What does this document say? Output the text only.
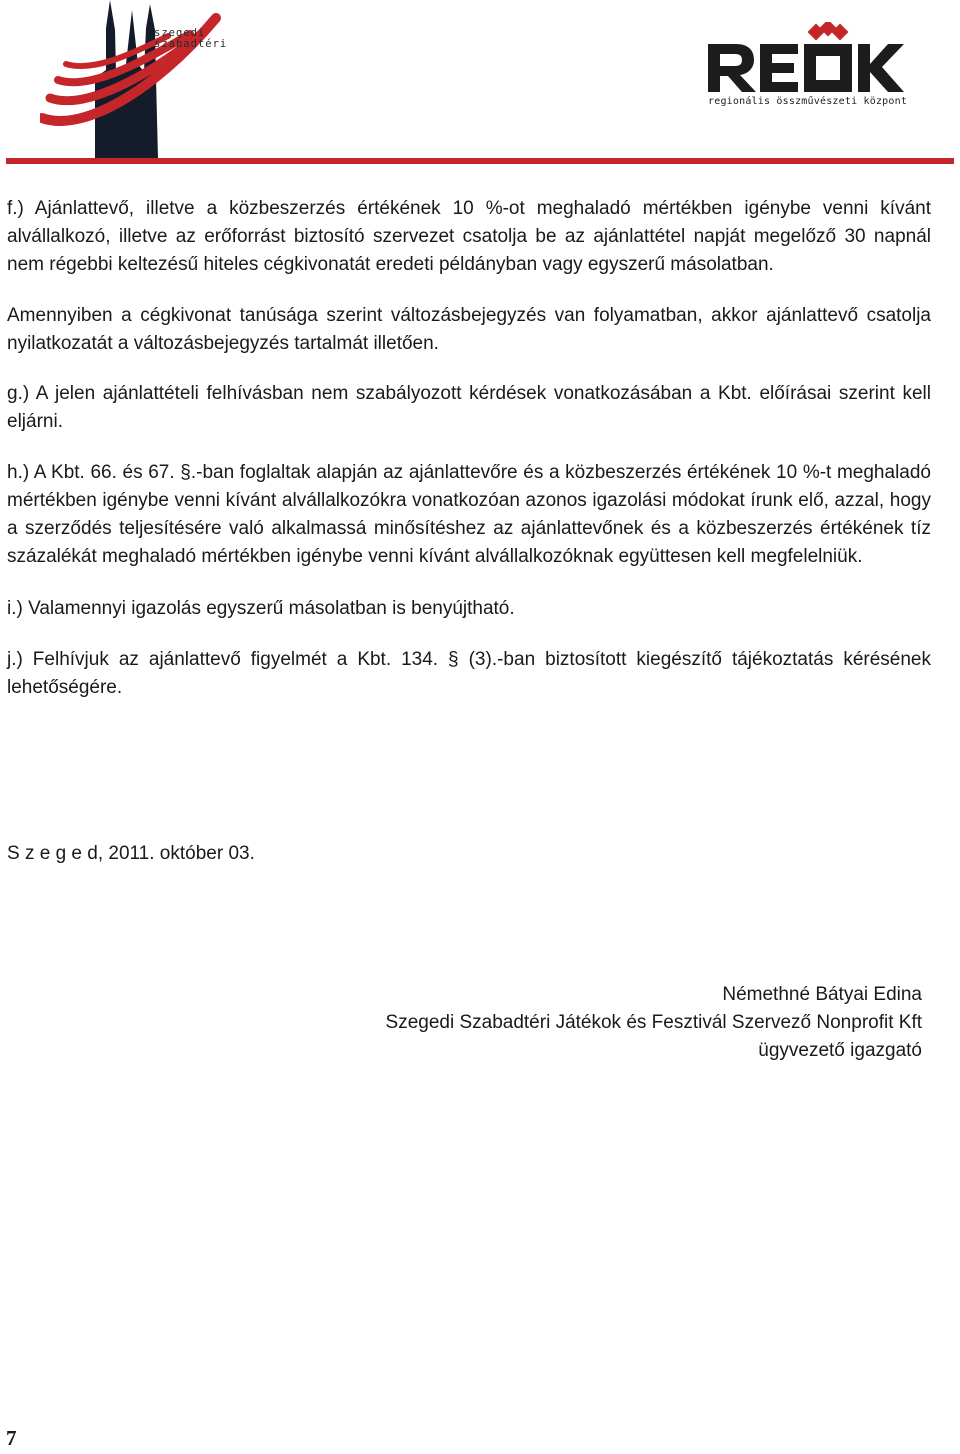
szegedi
szabadtéri
regionális összművészeti központ

f.) Ajánlattevő, illetve a közbeszerzés értékének 10 %-ot meghaladó mértékben igénybe venni kívánt alvállalkozó, illetve az erőforrást biztosító szervezet csatolja be az ajánlattétel napját megelőző 30 napnál nem régebbi keltezésű hiteles cégkivonatát eredeti példányban vagy egyszerű másolatban.

Amennyiben a cégkivonat tanúsága szerint változásbejegyzés van folyamatban, akkor ajánlattevő csatolja nyilatkozatát a változásbejegyzés tartalmát illetően.

g.) A jelen ajánlattételi felhívásban nem szabályozott kérdések vonatkozásában a Kbt. előírásai szerint kell eljárni.

h.) A Kbt. 66. és 67. §.-ban foglaltak alapján az ajánlattevőre és a közbeszerzés értékének 10 %-t meghaladó mértékben igénybe venni kívánt alvállalkozókra vonatkozóan azonos igazolási módokat írunk elő, azzal, hogy a szerződés teljesítésére való alkalmassá minősítéshez az ajánlattevőnek és a közbeszerzés értékének tíz százalékát meghaladó mértékben igénybe venni kívánt alvállalkozóknak együttesen kell megfelelniük.

i.) Valamennyi igazolás egyszerű másolatban is benyújtható.

j.) Felhívjuk az ajánlattevő figyelmét a Kbt. 134. § (3).-ban biztosított kiegészítő tájékoztatás kérésének lehetőségére.

S z e g e d, 2011. október 03.
Némethné Bátyai Edina
Szegedi Szabadtéri Játékok és Fesztivál Szervező Nonprofit Kft
ügyvezető igazgató
7
